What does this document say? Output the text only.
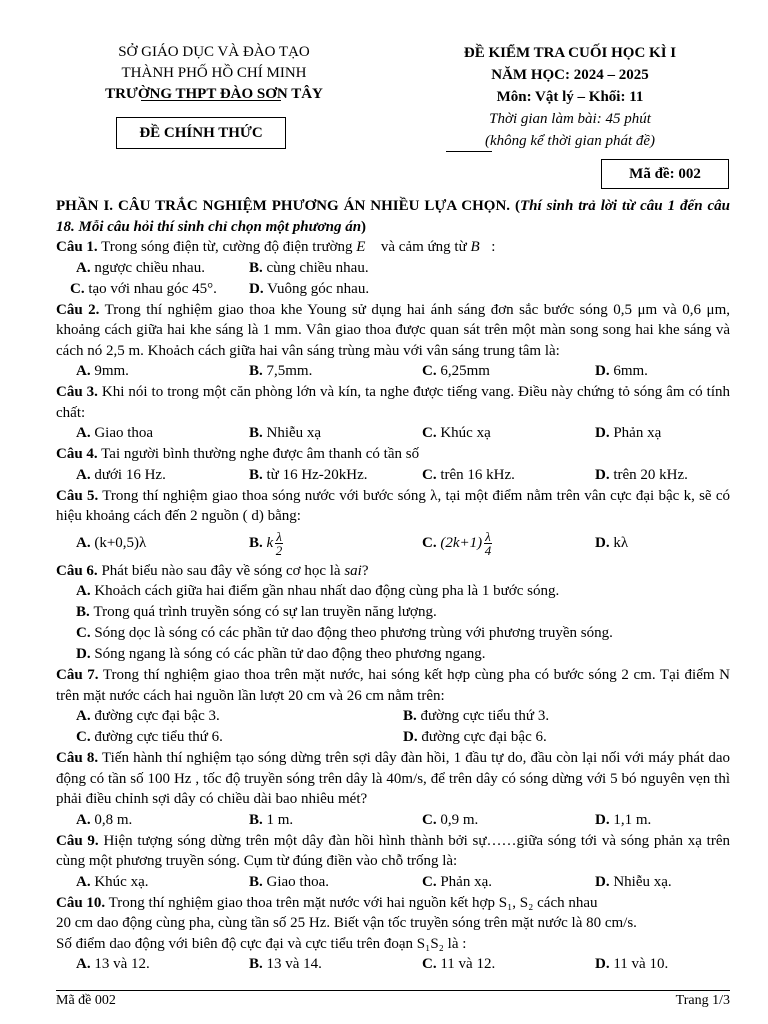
SỞ GIÁO DỤC VÀ ĐÀO TẠO
THÀNH PHỐ HỒ CHÍ MINH
TRƯỜNG THPT ĐÀO SƠN TÂY
ĐỀ CHÍNH THỨC
ĐỀ KIỂM TRA CUỐI HỌC KÌ I
NĂM HỌC: 2024 – 2025
Môn: Vật lý – Khối: 11
Thời gian làm bài: 45 phút
(không kể thời gian phát đề)
Mã đề: 002

PHẦN I. CÂU TRẮC NGHIỆM PHƯƠNG ÁN NHIỀU LỰA CHỌN. (Thí sinh trả lời từ câu 1 đến câu 18. Mỗi câu hỏi thí sinh chỉ chọn một phương án)

Câu 1. Trong sóng điện từ, cường độ điện trường E⃗ và cảm ứng từ B⃗:

A. ngược chiều nhau.	B. cùng chiều nhau.
C. tạo với nhau góc 45°.	D. Vuông góc nhau.

Câu 2. Trong thí nghiệm giao thoa khe Young sử dụng hai ánh sáng đơn sắc bước sóng 0,5 μm và 0,6 μm, khoảng cách giữa hai khe sáng là 1 mm. Vân giao thoa được quan sát trên một màn song song hai khe sáng và cách nó 2,5 m. Khoảch cách giữa hai vân sáng trùng màu với vân sáng trung tâm là:

A. 9mm.	B. 7,5mm.	C. 6,25mm	D. 6mm.

Câu 3. Khi nói to trong một căn phòng lớn và kín, ta nghe được tiếng vang. Điều này chứng tỏ sóng âm có tính chất:

A. Giao thoa	B. Nhiễu xạ	C. Khúc xạ	D. Phản xạ

Câu 4. Tai người bình thường nghe được âm thanh có tần số

A. dưới 16 Hz.	B. từ 16 Hz-20kHz.	C. trên 16 kHz.	D. trên 20 kHz.

Câu 5. Trong thí nghiệm giao thoa sóng nước với bước sóng λ, tại một điểm nằm trên vân cực đại bậc k, sẽ có hiệu khoảng cách đến 2 nguồn ( d) bằng:

A. (k+0,5)λ	B. k $\frac{\lambda}{2}$	C. $(2k+1) \frac{\lambda}{4}$	D. kλ

Câu 6. Phát biểu nào sau đây về sóng cơ học là sai?

A.
Khoảch cách giữa hai điểm gần nhau nhất dao động cùng pha là 1 bước sóng.
B.
Trong quá trình truyền sóng có sự lan truyền năng lượng.
C.
Sóng dọc là sóng có các phần tử dao động theo phương trùng với phương truyền sóng.
D.
Sóng ngang là sóng có các phần tử dao động theo phương ngang.

Câu 7. Trong thí nghiệm giao thoa trên mặt nước, hai sóng kết hợp cùng pha có bước sóng 2 cm. Tại điểm N trên mặt nước cách hai nguồn lần lượt 20 cm và 26 cm nằm trên:

A. đường cực đại bậc 3.	B. đường cực tiểu thứ 3.
C. đường cực tiểu thứ 6.	D. đường cực đại bậc 6.

Câu 8. Tiến hành thí nghiệm tạo sóng dừng trên sợi dây đàn hồi, 1 đầu tự do, đầu còn lại nối với máy phát dao động có tần số 100 Hz , tốc độ truyền sóng trên dây là 40m/s, để trên dây có sóng dừng với 5 bó nguyên vẹn thì phải điều chỉnh sợi dây có chiều dài bao nhiêu mét?

A. 0,8 m.	B. 1 m.	C. 0,9 m.	D. 1,1 m.

Câu 9. Hiện tượng sóng dừng trên một dây đàn hồi hình thành bởi sự……giữa sóng tới và sóng phản xạ trên cùng một phương truyền sóng. Cụm từ đúng điền vào chỗ trống là:

A. Khúc xạ.	B. Giao thoa.	C. Phản xạ.	D. Nhiễu xạ.

Câu 10. Trong thí nghiệm giao thoa trên mặt nước với hai nguồn kết hợp S₁, S₂ cách nhau

20 cm dao động cùng pha, cùng tần số 25 Hz. Biết vận tốc truyền sóng trên mặt nước là 80 cm/s.

Số điểm dao động với biên độ cực đại và cực tiểu trên đoạn S₁S₂ là :

A. 13 và 12.	B. 13 và 14.	C. 11 và 12.	D. 11 và 10.
Mã đề 002	Trang 1/3
